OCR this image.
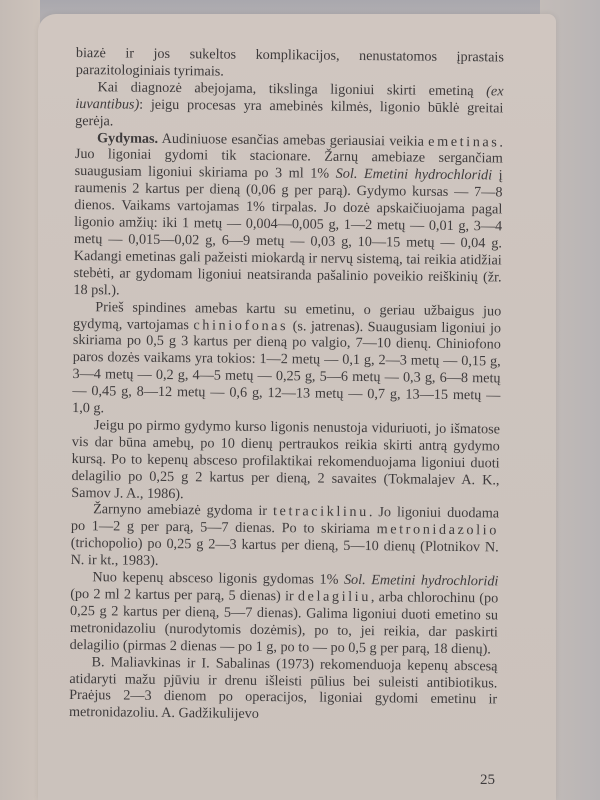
biazė ir jos sukeltos komplikacijos, nenustatomos įprastais parazitologiniais tyrimais.

Kai diagnozė abejojama, tikslinga ligoniui skirti emetiną (ex iuvantibus): jeigu procesas yra amebinės kilmės, ligonio būklė greitai gerėja.

Gydymas. Audiniuose esančias amebas geriausiai veikia emetinas. Juo ligoniai gydomi tik stacionare. Žarnų amebiaze sergančiam suaugusiam ligoniui skiriama po 3 ml 1% Sol. Emetini hydrochloridi į raumenis 2 kartus per dieną (0,06 g per parą). Gydymo kursas — 7—8 dienos. Vaikams vartojamas 1% tirpalas. Jo dozė apskaičiuojama pagal ligonio amžių: iki 1 metų — 0,004—0,005 g, 1—2 metų — 0,01 g, 3—4 metų — 0,015—0,02 g, 6—9 metų — 0,03 g, 10—15 metų — 0,04 g. Kadangi emetinas gali pažeisti miokardą ir nervų sistemą, tai reikia atidžiai stebėti, ar gydomam ligoniui neatsiranda pašalinio poveikio reiškinių (žr. 18 psl.).

Prieš spindines amebas kartu su emetinu, o geriau užbaigus juo gydymą, vartojamas chiniofonas (s. jatrenas). Suaugusiam ligoniui jo skiriama po 0,5 g 3 kartus per dieną po valgio, 7—10 dienų. Chiniofono paros dozės vaikams yra tokios: 1—2 metų — 0,1 g, 2—3 metų — 0,15 g, 3—4 metų — 0,2 g, 4—5 metų — 0,25 g, 5—6 metų — 0,3 g, 6—8 metų — 0,45 g, 8—12 metų — 0,6 g, 12—13 metų — 0,7 g, 13—15 metų — 1,0 g.

Jeigu po pirmo gydymo kurso ligonis nenustoja viduriuoti, jo išmatose vis dar būna amebų, po 10 dienų pertraukos reikia skirti antrą gydymo kursą. Po to kepenų absceso profilaktikai rekomenduojama ligoniui duoti delagilio po 0,25 g 2 kartus per dieną, 2 savaites (Tokmalajev A. K., Samov J. A., 1986).

Žarnyno amebiazė gydoma ir tetraciklinu. Jo ligoniui duodama po 1—2 g per parą, 5—7 dienas. Po to skiriama metronidazolio (trichopolio) po 0,25 g 2—3 kartus per dieną, 5—10 dienų (Plotnikov N. N. ir kt., 1983).

Nuo kepenų absceso ligonis gydomas 1% Sol. Emetini hydrochloridi (po 2 ml 2 kartus per parą, 5 dienas) ir delagiliu, arba chlorochinu (po 0,25 g 2 kartus per dieną, 5—7 dienas). Galima ligoniui duoti emetino su metronidazoliu (nurodytomis dozėmis), po to, jei reikia, dar paskirti delagilio (pirmas 2 dienas — po 1 g, po to — po 0,5 g per parą, 18 dienų).

B. Maliavkinas ir I. Sabalinas (1973) rekomenduoja kepenų abscesą atidaryti mažu pjūviu ir drenu išleisti pūlius bei suleisti antibiotikus. Praėjus 2—3 dienom po operacijos, ligoniai gydomi emetinu ir metronidazoliu. A. Gadžikulijevo

25
